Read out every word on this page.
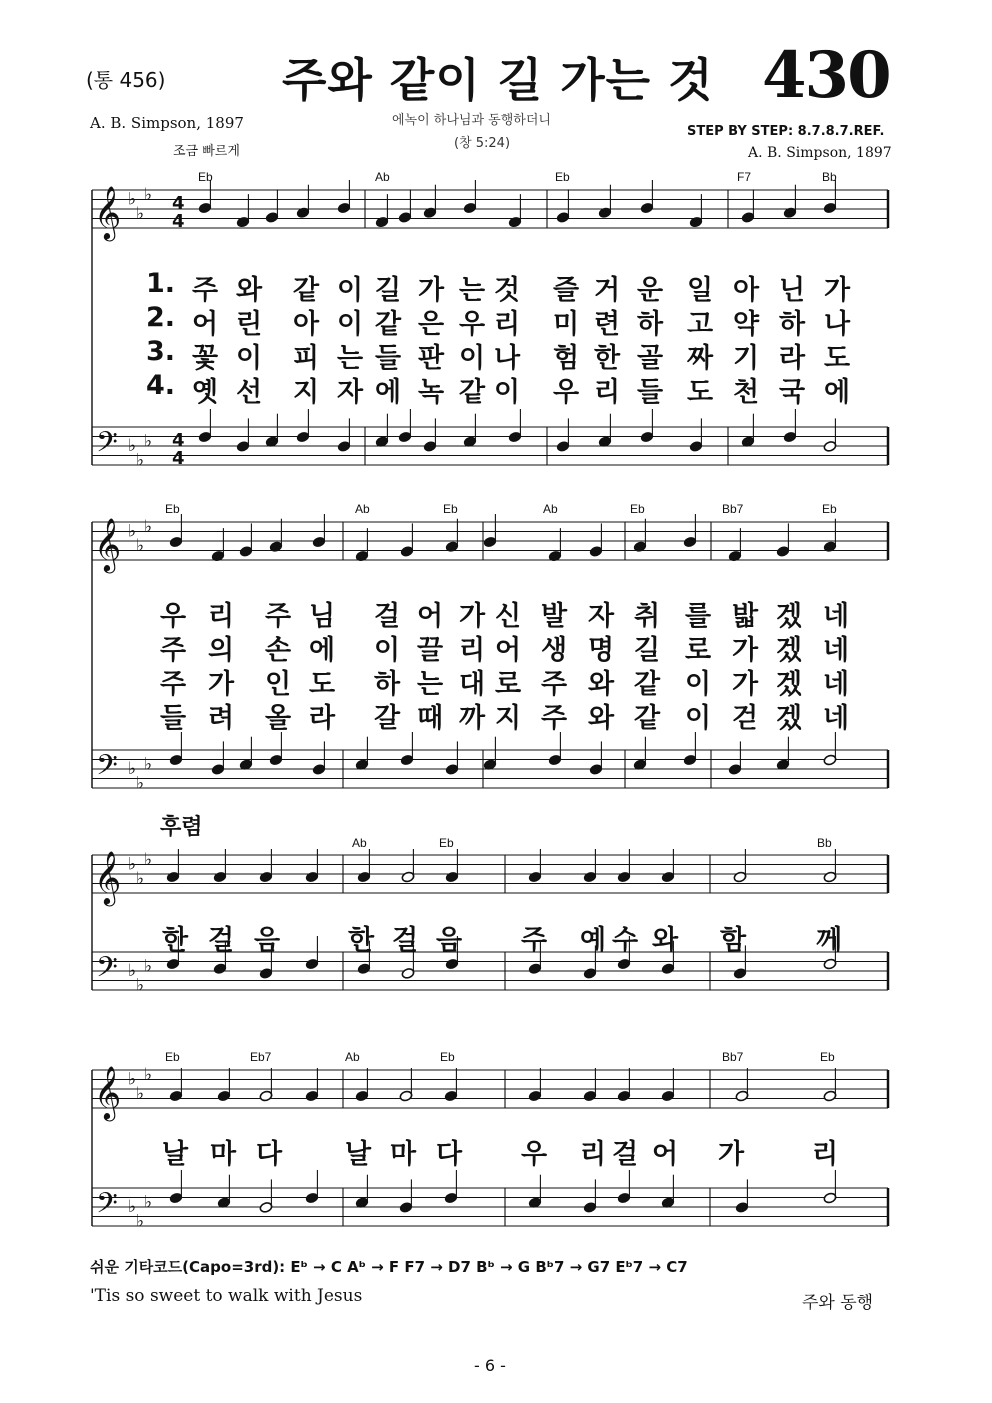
(통 456)	주와 같이 길 가는 것 430
A. B. Simpson, 1897
조금 빠르게
에녹이 하나님과 동행하더니
(창 5:24)
STEP BY STEP: 8.7.8.7.REF.
A. B. Simpson, 1897
𝄞
𝄢
♭
♭
♭
♭
♭
♭
𝄞
𝄢
♭
♭
♭
♭
♭
♭
𝄞
𝄢
♭
♭
♭
♭
♭
♭
𝄞
𝄢
♭
♭
♭
♭
♭
♭
4
4
4
4
Eb	Ab	Eb	F7	Bb
1. 주 와 같 이 길 가 는 것 즐 거 운 일 아 닌 가
2. 어 린 아 이 같 은 우 리 미 련 하 고 약 하 나
3. 꽃 이 피 는 들 판 이 나 험 한 골 짜 기 라 도
4. 옛 선 지 자 에 녹 같 이 우 리 들 도 천 국 에
Eb	Ab	Eb	Ab	Eb	Bb7	Eb
우 리 주 님 걸 어 가 신 발 자 취 를 밟 겠 네
주 의 손 에 이 끌 리 어 생 명 길 로 가 겠 네
주 가 인 도 하 는 대 로 주 와 같 이 가 겠 네
들 려 올 라 갈 때 까 지 주 와 같 이 걷 겠 네
후렴
Ab	Eb	Bb
한 걸 음	한 걸 음 주 예 수 와 함	께
Eb	Eb7	Ab	Eb	Bb7	Eb
날 마 다 날 마 다 우 리 걸 어 가	리
쉬운 기타코드(Capo=3rd): Eᵇ → C Aᵇ → F F7 → D7 Bᵇ → G Bᵇ7 → G7 Eᵇ7 → C7
'Tis so sweet to walk with Jesus	주와 동행
- 6 -
